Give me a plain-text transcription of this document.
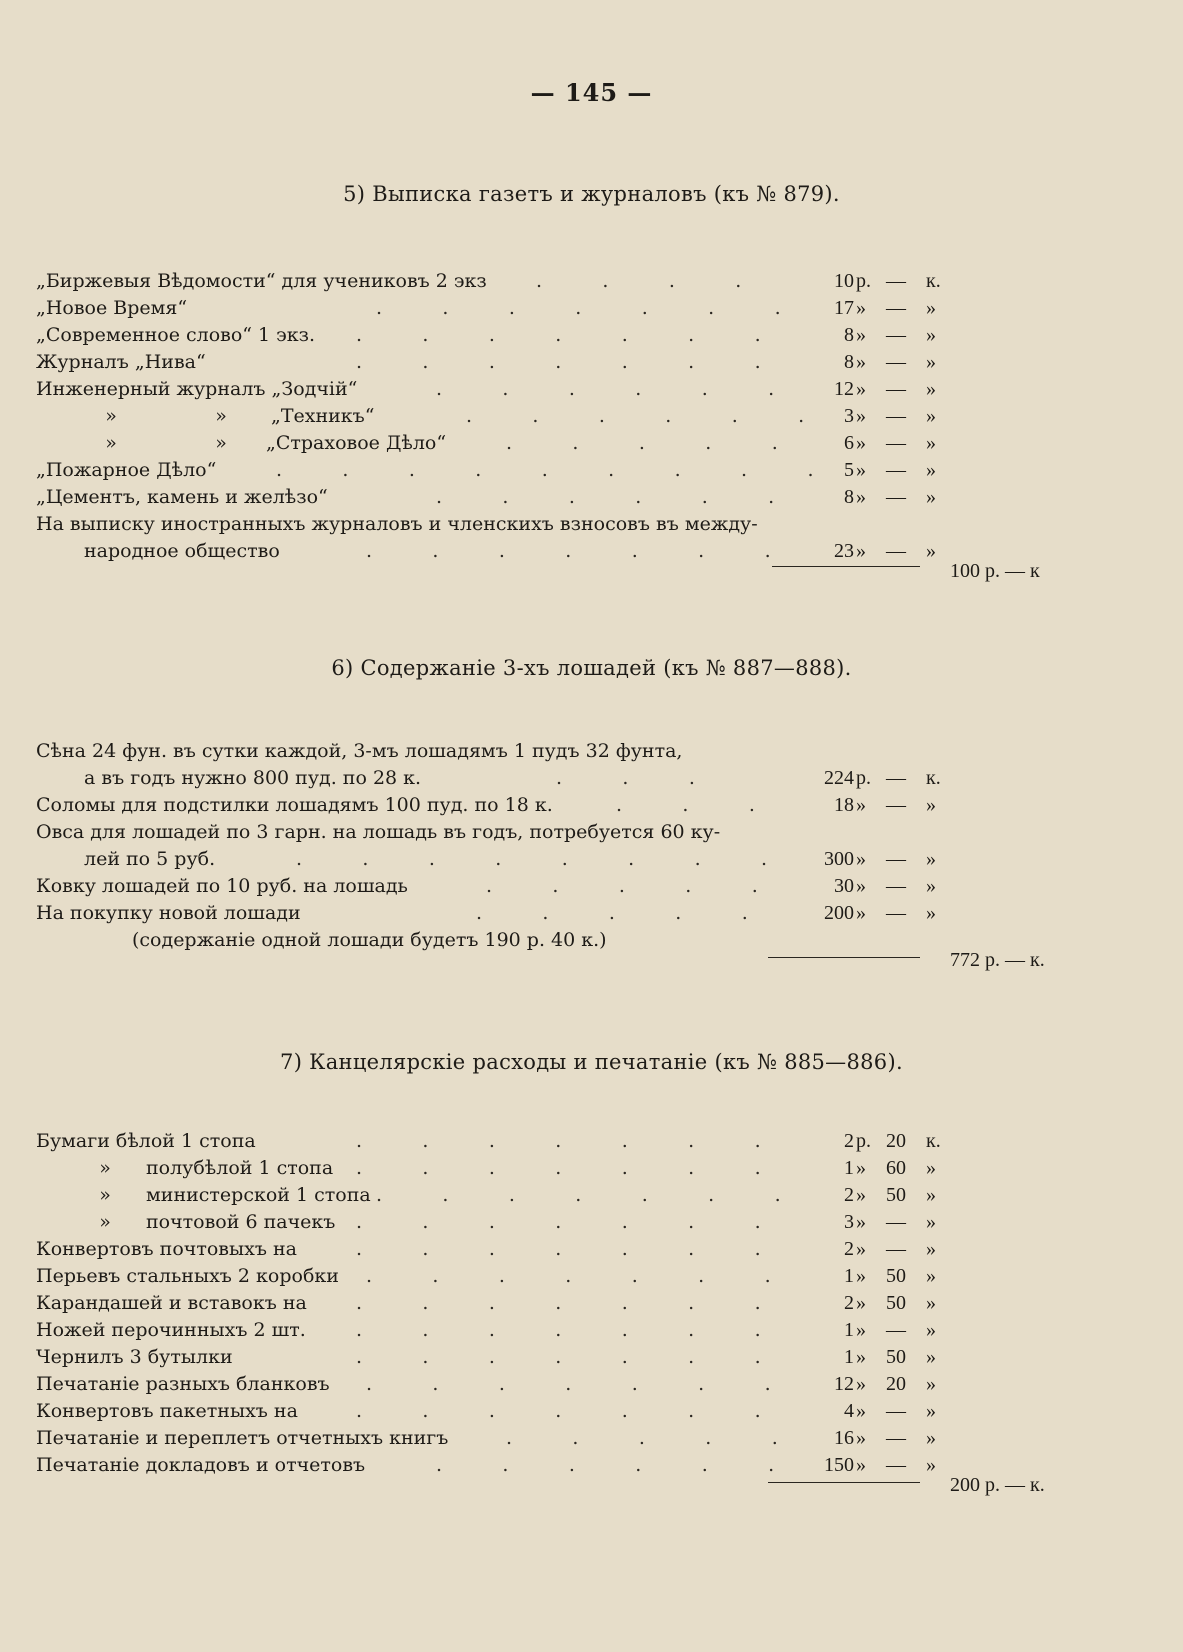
— 145 —
5) Выписка газетъ и журналовъ (къ № 879).
„Биржевыя Вѣдомости“ для учениковъ 2 экз	.          .          .          .	10 р. — к.
„Новое Время“	.          .          .          .          .          .          .	17 » — »
„Современное слово“ 1 экз. .          .          .          .          .          .          .	8 » — »
Журналъ „Нива“	.          .          .          .          .          .          .	8 » — »
Инженерный журналъ „Зодчій“	.          .          .          .          .          .	12 » — »
»	»	„Техникъ“	.          .          .          .          .          . 3 » — »
»	»	„Страховое Дѣло“	.          .          .          .          .	6 » — »
„Пожарное Дѣло“	.          .          .          .          .          .          .          .          . 5 » — »
„Цементъ, камень и желѣзо“	.          .          .          .          .          .	8 » — »
На выписку иностранныхъ журналовъ и членскихъ взносовъ въ между-
народное общество	.          .          .          .          .          .          .	23 » — »
100 р. — к
6) Содержаніе 3-хъ лошадей (къ № 887—888).
Сѣна 24 фун. въ сутки каждой, 3-мъ лошадямъ 1 пудъ 32 фунта,
а въ годъ нужно 800 пуд. по 28 к.	.          .          .	224 р. — к.
Соломы для подстилки лошадямъ 100 пуд. по 18 к.	.          .          .	18 » — »
Овса для лошадей по 3 гарн. на лошадь въ годъ, потребуется 60 ку-
лей по 5 руб.	.          .          .          .          .          .          .          .	300 » — »
Ковку лошадей по 10 руб. на лошадь	.          .          .          .          .	30 » — »
На покупку новой лошади	.          .          .          .          .	200 » — »
(содержаніе одной лошади будетъ 190 р. 40 к.)
772 р. — к.
7) Канцелярскіе расходы и печатаніе (къ № 885—886).
Бумаги бѣлой 1 стопа	.          .          .          .          .          .          .	2 р. 20 к.
»	полубѣлой 1 стопа .          .          .          .          .          .          .	1 » 60 »
»	министерской 1 стопа .          .          .          .          .          .          .	2 » 50 »
»	почтовой 6 пачекъ .          .          .          .          .          .          .	3 » — »
Конвертовъ почтовыхъ на	.          .          .          .          .          .          .	2 » — »
Перьевъ стальныхъ 2 коробки .          .          .          .          .          .          .	1 » 50 »
Карандашей и вставокъ на	.          .          .          .          .          .          .	2 » 50 »
Ножей перочинныхъ 2 шт.	.          .          .          .          .          .          .	1 » — »
Чернилъ 3 бутылки	.          .          .          .          .          .          .	1 » 50 »
Печатаніе разныхъ бланковъ .          .          .          .          .          .          .	12 » 20 »
Конвертовъ пакетныхъ на	.          .          .          .          .          .          .	4 » — »
Печатаніе и переплетъ отчетныхъ книгъ	.          .          .          .          .	16 » — »
Печатаніе докладовъ и отчетовъ	.          .          .          .          .          . 150 » — »
200 р. — к.
